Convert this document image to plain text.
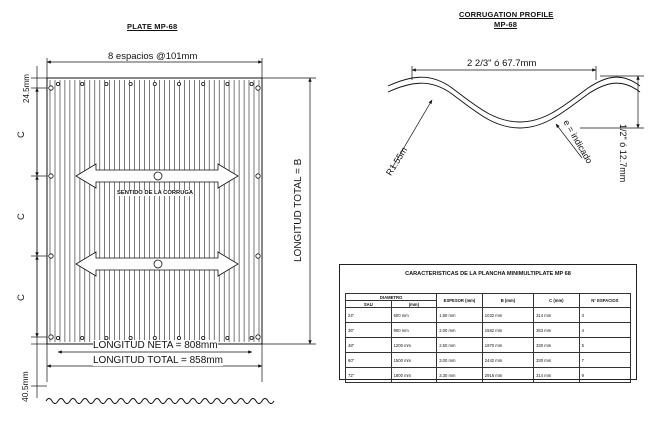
PLATE MP-68
8 espacios @101mm
24.5mm
C
C
C
SENTIDO DE LA CORRUGA	LONGITUD TOTAL = B
LONGITUD NETA = 808mm
LONGITUD TOTAL = 858mm
40.5mm
CORRUGATION PROFILE
MP-68
2 2/3" ó 67.7mm
1/2" ó 12.7mm
R1.55m	e = indicado
CARACTERISTICAS DE LA PLANCHA MINIMULTIPLATE MP 68
DIAMETRO		ESPESOR (mm)	B (mm)	C (mm)	N° ESPACIOS
SAU	(mm)				
24"	600 mm	1.80 mm	1032 mm	314 mm	3
36"	900 mm	2.00 mm	1582 mm	353 mm	4
48"	1200 mm	2.50 mm	1970 mm	330 mm	5
60"	1500 mm	3.00 mm	2442 mm	330 mm	7
72"	1800 mm	3.30 mm	2916 mm	314 mm	9
